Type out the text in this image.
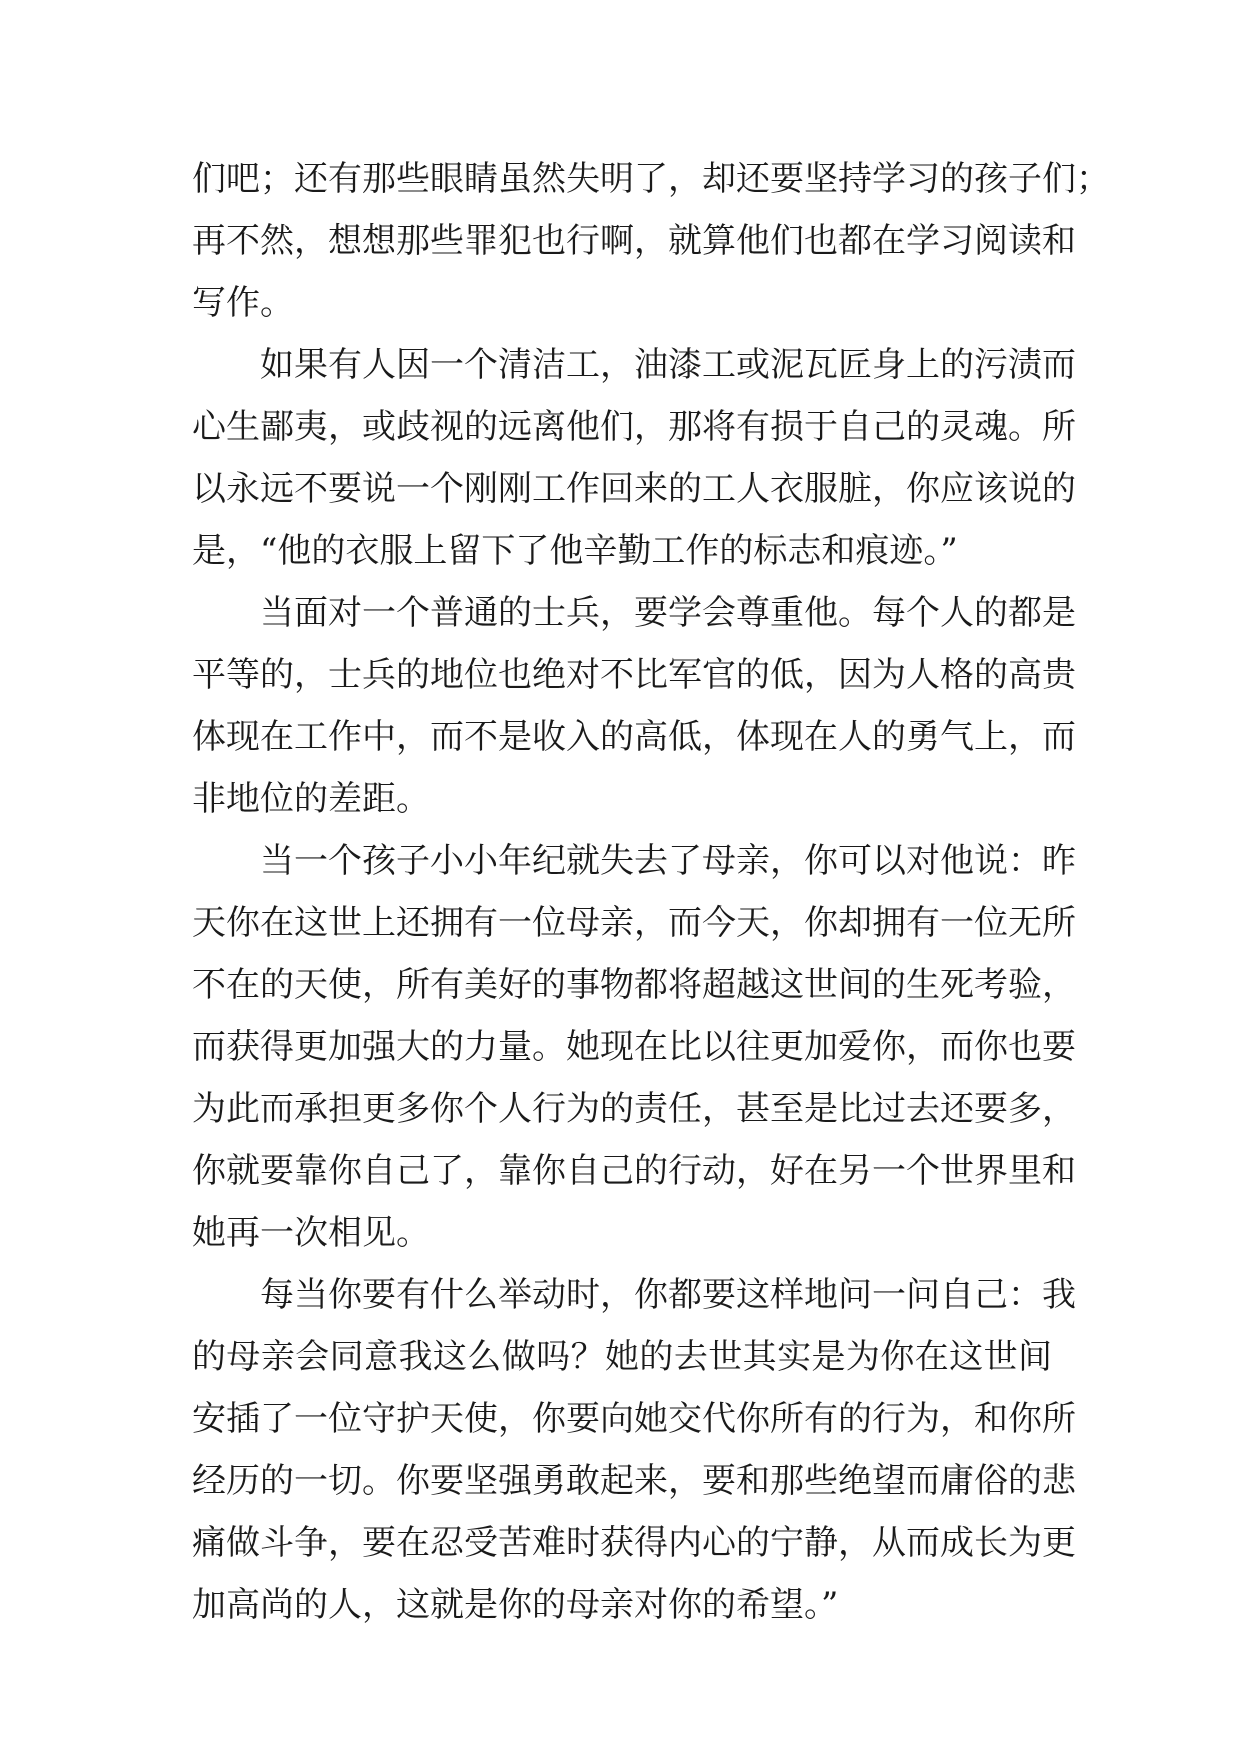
们吧；还有那些眼睛虽然失明了，却还要坚持学习的孩子们；
再不然，想想那些罪犯也行啊，就算他们也都在学习阅读和
写作。
如果有人因一个清洁工，油漆工或泥瓦匠身上的污渍而
心生鄙夷，或歧视的远离他们，那将有损于自己的灵魂。所
以永远不要说一个刚刚工作回来的工人衣服脏，你应该说的
是，“他的衣服上留下了他辛勤工作的标志和痕迹。”
当面对一个普通的士兵，要学会尊重他。每个人的都是
平等的，士兵的地位也绝对不比军官的低，因为人格的高贵
体现在工作中，而不是收入的高低，体现在人的勇气上，而
非地位的差距。
当一个孩子小小年纪就失去了母亲，你可以对他说：昨
天你在这世上还拥有一位母亲，而今天，你却拥有一位无所
不在的天使，所有美好的事物都将超越这世间的生死考验，
而获得更加强大的力量。她现在比以往更加爱你，而你也要
为此而承担更多你个人行为的责任，甚至是比过去还要多，
你就要靠你自己了，靠你自己的行动，好在另一个世界里和
她再一次相见。
每当你要有什么举动时，你都要这样地问一问自己：我
的母亲会同意我这么做吗？她的去世其实是为你在这世间
安插了一位守护天使，你要向她交代你所有的行为，和你所
经历的一切。你要坚强勇敢起来，要和那些绝望而庸俗的悲
痛做斗争，要在忍受苦难时获得内心的宁静，从而成长为更
加高尚的人，这就是你的母亲对你的希望。”
